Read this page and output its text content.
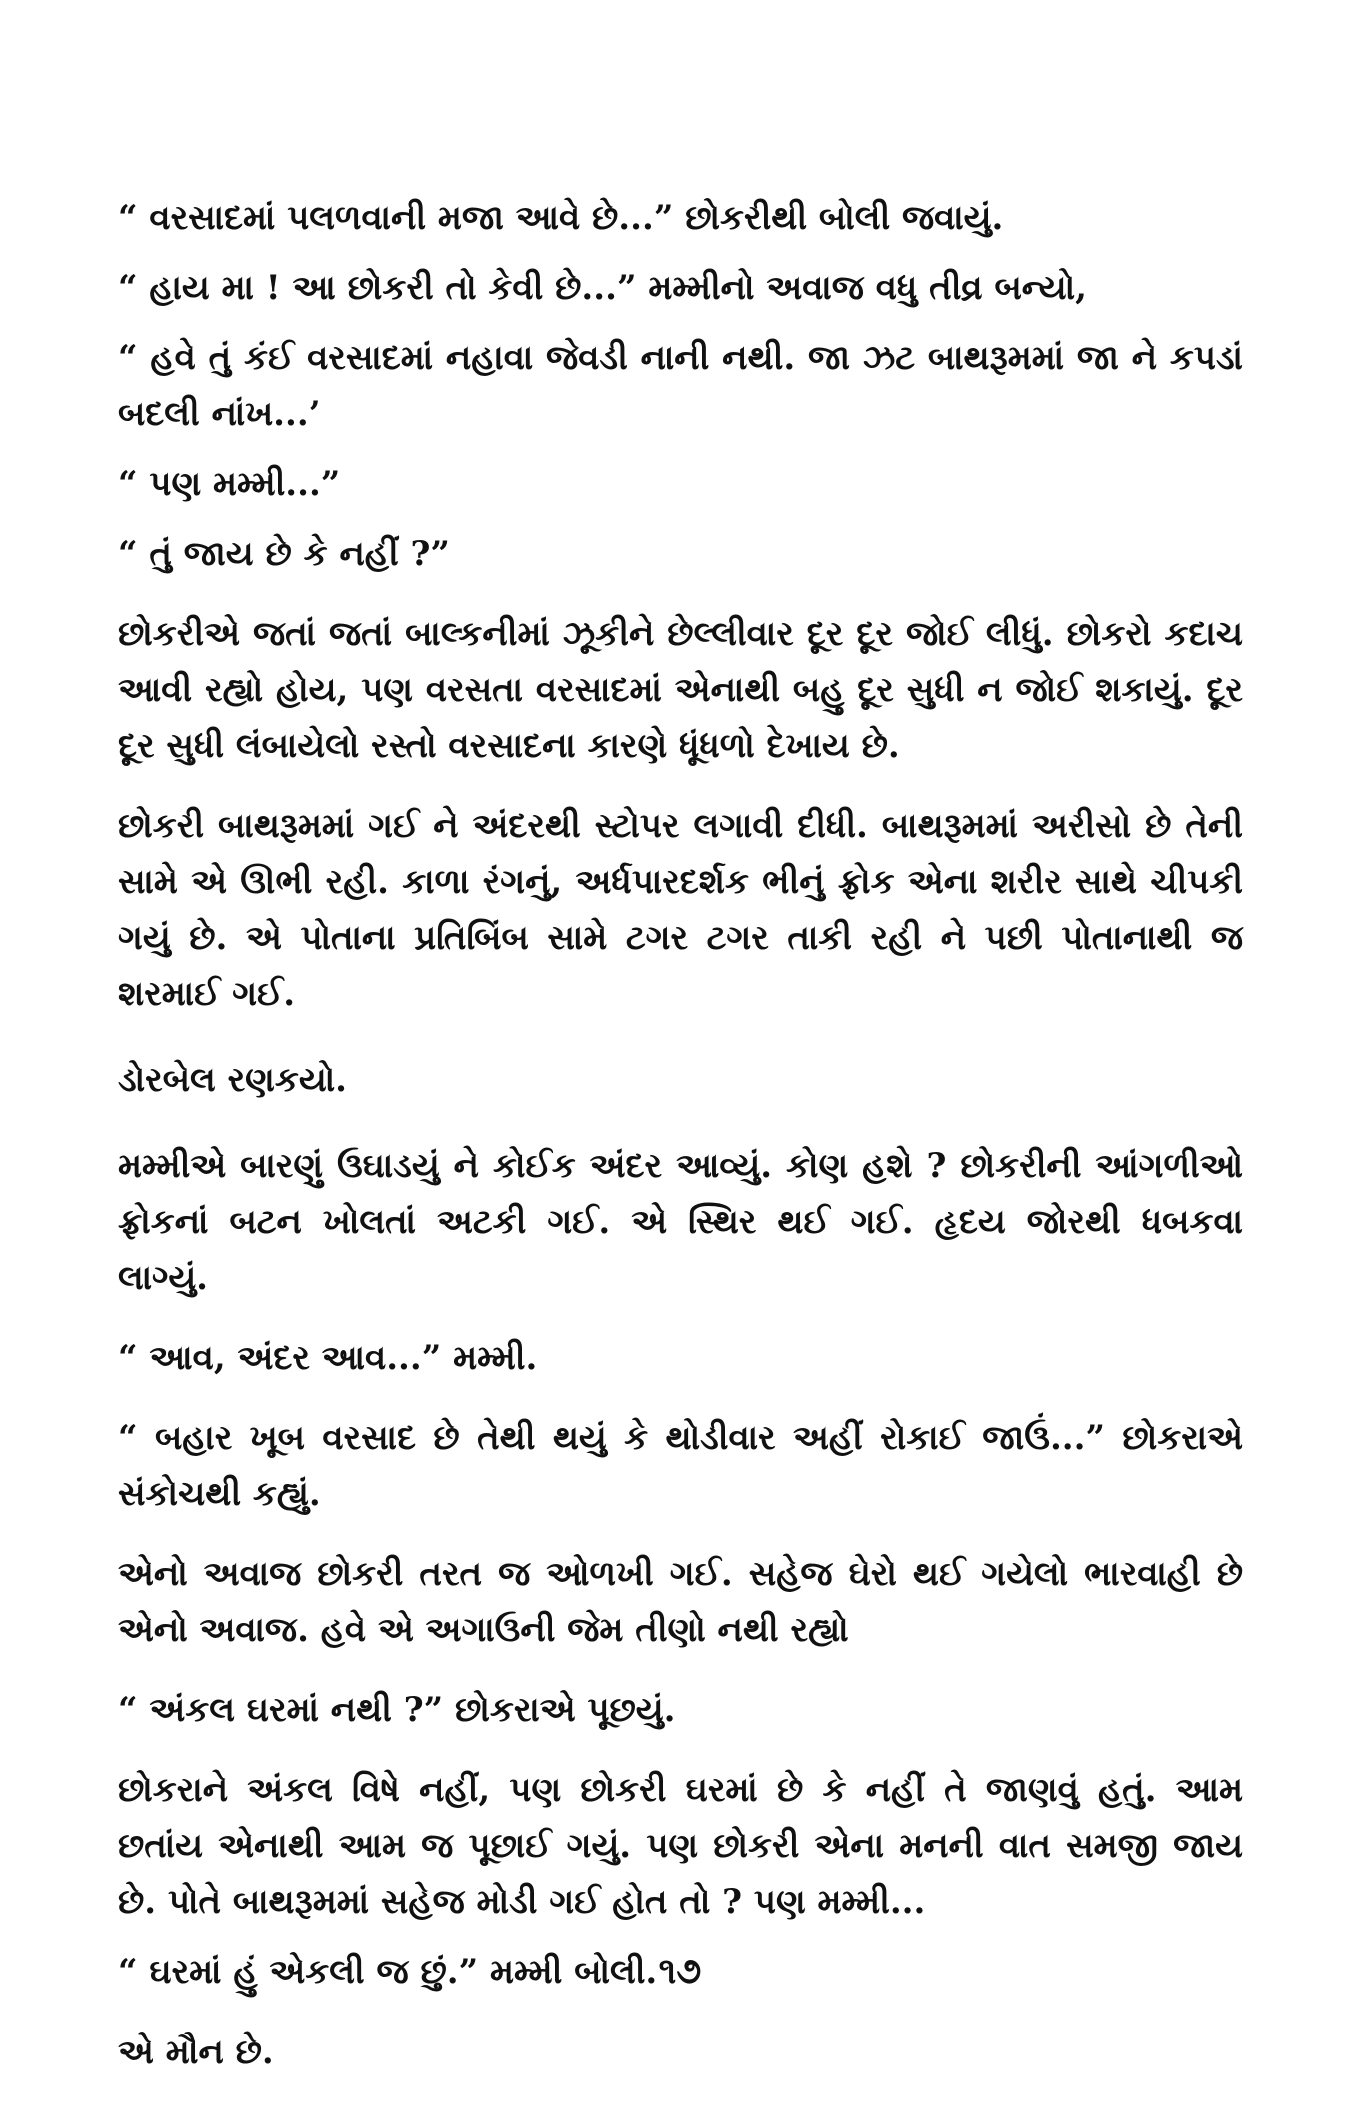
“ વરસાદમાં પલળવાની મજા આવે છે...” છોકરીથી બોલી જવાયું.

“ હાય મા ! આ છોકરી તો કેવી છે...” મમ્મીનો અવાજ વધુ તીવ્ર બન્યો,

“ હવે તું કંઈ વરસાદમાં નહાવા જેવડી નાની નથી. જા ઝટ બાથરૂમમાં જા ને કપડાં બદલી નાંખ...’

“ પણ મમ્મી...”

“ તું જાય છે કે નહીં ?”

છોકરીએ જતાં જતાં બાલ્કનીમાં ઝૂકીને છેલ્લીવાર દૂર દૂર જોઈ લીધું. છોકરો કદાચ આવી રહ્યો હોય, પણ વરસતા વરસાદમાં એનાથી બહુ દૂર સુધી ન જોઈ શકાયું. દૂર દૂર સુધી લંબાયેલો રસ્તો વરસાદના કારણે ધૂંધળો દેખાય છે.

છોકરી બાથરૂમમાં ગઈ ને અંદરથી સ્ટોપર લગાવી દીધી. બાથરૂમમાં અરીસો છે તેની સામે એ ઊભી રહી. કાળા રંગનું, અર્ધપારદર્શક ભીનું ફ્રોક એના શરીર સાથે ચીપકી ગયું છે. એ પોતાના પ્રતિબિંબ સામે ટગર ટગર તાકી રહી ને પછી પોતાનાથી જ શરમાઈ ગઈ.

ડોરબેલ રણકયો.

મમ્મીએ બારણું ઉઘાડયું ને કોઈક અંદર આવ્યું. કોણ હશે ? છોકરીની આંગળીઓ ફ્રોકનાં બટન ખોલતાં અટકી ગઈ. એ સ્થિર થઈ ગઈ. હૃદય જોરથી ધબકવા લાગ્યું.

“ આવ, અંદર આવ...” મમ્મી.

“ બહાર ખૂબ વરસાદ છે તેથી થયું કે થોડીવાર અહીં રોકાઈ જાઉં...” છોકરાએ સંકોચથી કહ્યું.

એનો અવાજ છોકરી તરત જ ઓળખી ગઈ. સહેજ ઘેરો થઈ ગયેલો ભારવાહી છે એનો અવાજ. હવે એ અગાઉની જેમ તીણો નથી રહ્યો

“ અંકલ ઘરમાં નથી ?” છોકરાએ પૂછયું.

છોકરાને અંકલ વિષે નહીં, પણ છોકરી ઘરમાં છે કે નહીં તે જાણવું હતું. આમ છતાંય એનાથી આમ જ પૂછાઈ ગયું. પણ છોકરી એના મનની વાત સમજી જાય છે. પોતે બાથરૂમમાં સહેજ મોડી ગઈ હોત તો ? પણ મમ્મી...

“ ઘરમાં હું એકલી જ છું.” મમ્મી બોલી.

એ મૌન છે.

૧૭
